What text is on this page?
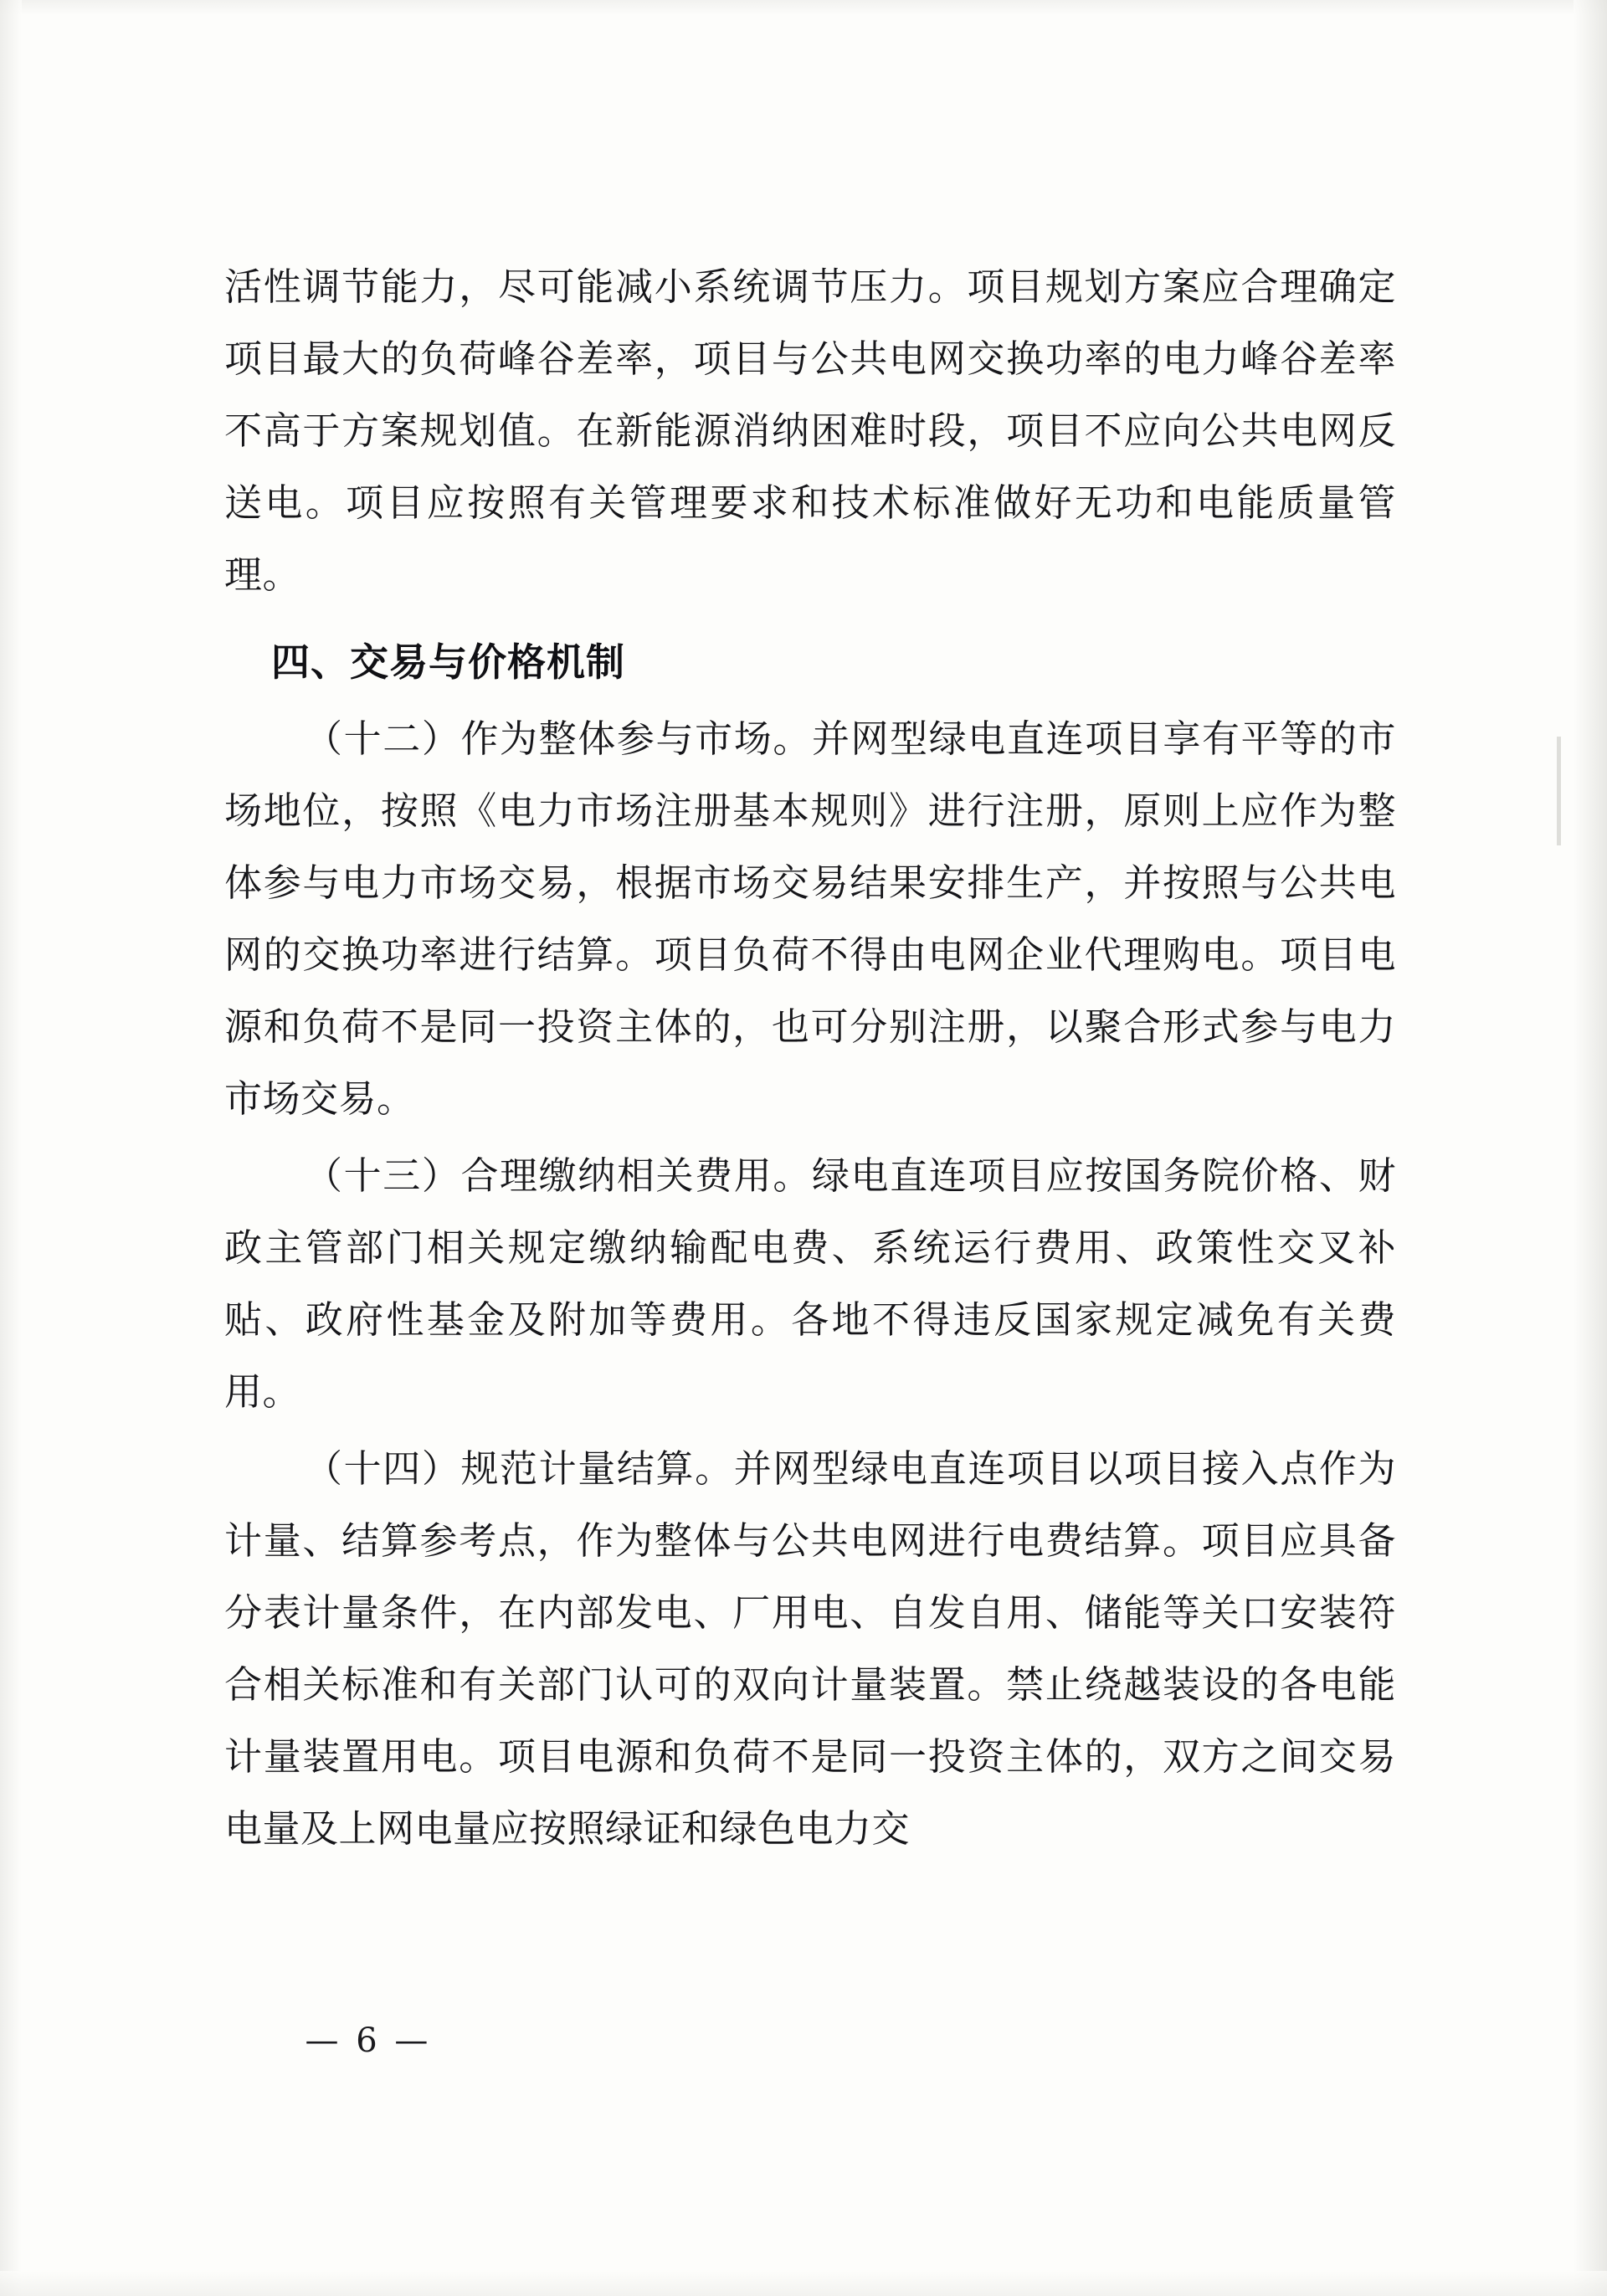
活性调节能力，尽可能减小系统调节压力。项目规划方案应合理确定项目最大的负荷峰谷差率，项目与公共电网交换功率的电力峰谷差率不高于方案规划值。在新能源消纳困难时段，项目不应向公共电网反送电。项目应按照有关管理要求和技术标准做好无功和电能质量管理。

四、交易与价格机制

（十二）作为整体参与市场。并网型绿电直连项目享有平等的市场地位，按照《电力市场注册基本规则》进行注册，原则上应作为整体参与电力市场交易，根据市场交易结果安排生产，并按照与公共电网的交换功率进行结算。项目负荷不得由电网企业代理购电。项目电源和负荷不是同一投资主体的，也可分别注册，以聚合形式参与电力市场交易。

（十三）合理缴纳相关费用。绿电直连项目应按国务院价格、财政主管部门相关规定缴纳输配电费、系统运行费用、政策性交叉补贴、政府性基金及附加等费用。各地不得违反国家规定减免有关费用。

（十四）规范计量结算。并网型绿电直连项目以项目接入点作为计量、结算参考点，作为整体与公共电网进行电费结算。项目应具备分表计量条件，在内部发电、厂用电、自发自用、储能等关口安装符合相关标准和有关部门认可的双向计量装置。禁止绕越装设的各电能计量装置用电。项目电源和负荷不是同一投资主体的，双方之间交易电量及上网电量应按照绿证和绿色电力交

— 6 —
